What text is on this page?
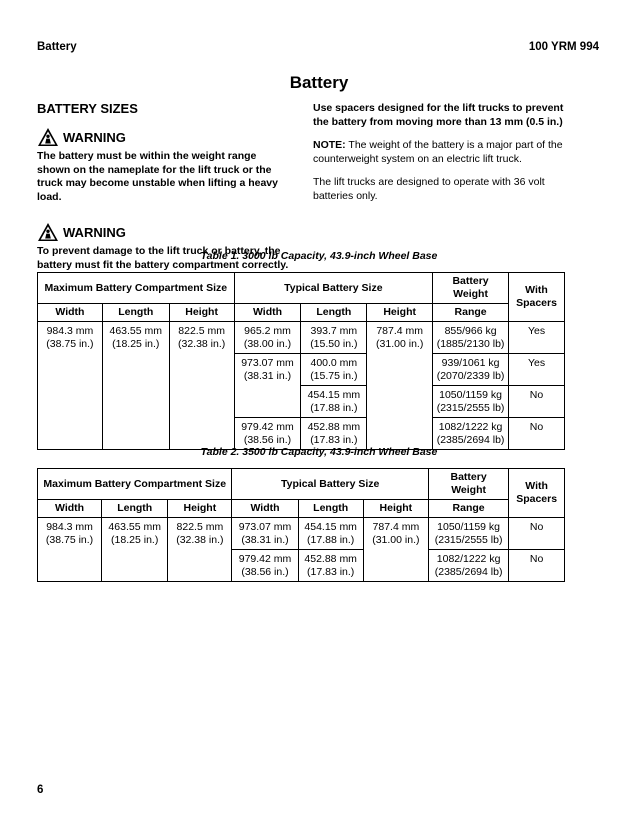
Battery	100 YRM 994
Battery
BATTERY SIZES
WARNING

The battery must be within the weight range shown on the nameplate for the lift truck or the truck may become unstable when lifting a heavy load.

WARNING

To prevent damage to the lift truck or battery, the battery must fit the battery compartment correctly.

Use spacers designed for the lift trucks to prevent the battery from moving more than 13 mm (0.5 in.)

NOTE: The weight of the battery is a major part of the counterweight system on an electric lift truck.

The lift trucks are designed to operate with 36 volt batteries only.

Table 1. 3000 lb Capacity, 43.9-inch Wheel Base
Maximum Battery Compartment Size			Typical Battery Size			Battery Weight	With Spacers
Width	Length	Height	Width	Length	Height	Range	
984.3 mm (38.75 in.)	463.55 mm (18.25 in.)	822.5 mm (32.38 in.)	965.2 mm (38.00 in.)	393.7 mm (15.50 in.)	787.4 mm (31.00 in.)	855/966 kg (1885/2130 lb)	Yes
			973.07 mm (38.31 in.)	400.0 mm (15.75 in.)		939/1061 kg (2070/2339 lb)	Yes
				454.15 mm (17.88 in.)		1050/1159 kg (2315/2555 lb)	No
			979.42 mm (38.56 in.)	452.88 mm (17.83 in.)		1082/1222 kg (2385/2694 lb)	No
Table 2. 3500 lb Capacity, 43.9-inch Wheel Base
Maximum Battery Compartment Size			Typical Battery Size			Battery Weight	With Spacers
Width	Length	Height	Width	Length	Height	Range	
984.3 mm (38.75 in.)	463.55 mm (18.25 in.)	822.5 mm (32.38 in.)	973.07 mm (38.31 in.)	454.15 mm (17.88 in.)	787.4 mm (31.00 in.)	1050/1159 kg (2315/2555 lb)	No
			979.42 mm (38.56 in.)	452.88 mm (17.83 in.)		1082/1222 kg (2385/2694 lb)	No
6
